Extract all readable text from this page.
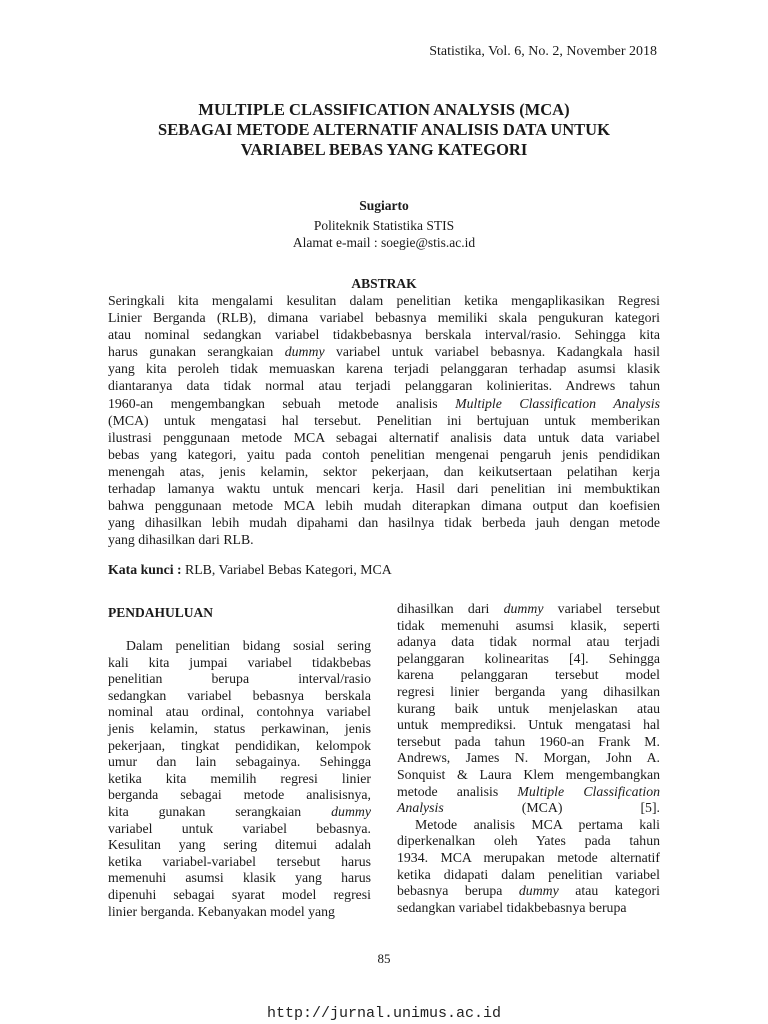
Statistika, Vol. 6, No. 2, November 2018
MULTIPLE CLASSIFICATION ANALYSIS (MCA)
SEBAGAI METODE ALTERNATIF ANALISIS DATA UNTUK
VARIABEL BEBAS YANG KATEGORI
Sugiarto
Politeknik Statistika STIS
Alamat e-mail : soegie@stis.ac.id
ABSTRAK
Seringkali kita mengalami kesulitan dalam penelitian ketika mengaplikasikan Regresi
Linier Berganda (RLB), dimana variabel bebasnya memiliki skala pengukuran kategori
atau nominal sedangkan variabel tidakbebasnya berskala interval/rasio. Sehingga kita
harus gunakan serangkaian dummy variabel untuk variabel bebasnya. Kadangkala hasil
yang kita peroleh tidak memuaskan karena terjadi pelanggaran terhadap asumsi klasik
diantaranya data tidak normal atau terjadi pelanggaran kolinieritas. Andrews tahun
1960-an mengembangkan sebuah metode analisis Multiple Classification Analysis
(MCA) untuk mengatasi hal tersebut. Penelitian ini bertujuan untuk memberikan
ilustrasi penggunaan metode MCA sebagai alternatif analisis data untuk data variabel
bebas yang kategori, yaitu pada contoh penelitian mengenai pengaruh jenis pendidikan
menengah atas, jenis kelamin, sektor pekerjaan, dan keikutsertaan pelatihan kerja
terhadap lamanya waktu untuk mencari kerja. Hasil dari penelitian ini membuktikan
bahwa penggunaan metode MCA lebih mudah diterapkan dimana output dan koefisien
yang dihasilkan lebih mudah dipahami dan hasilnya tidak berbeda jauh dengan metode
yang dihasilkan dari RLB.
Kata kunci : RLB, Variabel Bebas Kategori, MCA
PENDAHULUAN
Dalam penelitian bidang sosial sering
kali kita jumpai variabel tidakbebas
penelitian berupa interval/rasio
sedangkan variabel bebasnya berskala
nominal atau ordinal, contohnya variabel
jenis kelamin, status perkawinan, jenis
pekerjaan, tingkat pendidikan, kelompok
umur dan lain sebagainya. Sehingga
ketika kita memilih regresi linier
berganda sebagai metode analisisnya,
kita gunakan serangkaian dummy
variabel untuk variabel bebasnya.
Kesulitan yang sering ditemui adalah
ketika variabel-variabel tersebut harus
memenuhi asumsi klasik yang harus
dipenuhi sebagai syarat model regresi
linier berganda. Kebanyakan model yang
dihasilkan dari dummy variabel tersebut
tidak memenuhi asumsi klasik, seperti
adanya data tidak normal atau terjadi
pelanggaran kolinearitas [4]. Sehingga
karena pelanggaran tersebut model
regresi linier berganda yang dihasilkan
kurang baik untuk menjelaskan atau
untuk memprediksi. Untuk mengatasi hal
tersebut pada tahun 1960-an Frank M.
Andrews, James N. Morgan, John A.
Sonquist & Laura Klem mengembangkan
metode analisis Multiple Classification
Analysis (MCA) [5].
Metode analisis MCA pertama kali
diperkenalkan oleh Yates pada tahun
1934. MCA merupakan metode alternatif
ketika didapati dalam penelitian variabel
bebasnya berupa dummy atau kategori
sedangkan variabel tidakbebasnya berupa
85
http://jurnal.unimus.ac.id
